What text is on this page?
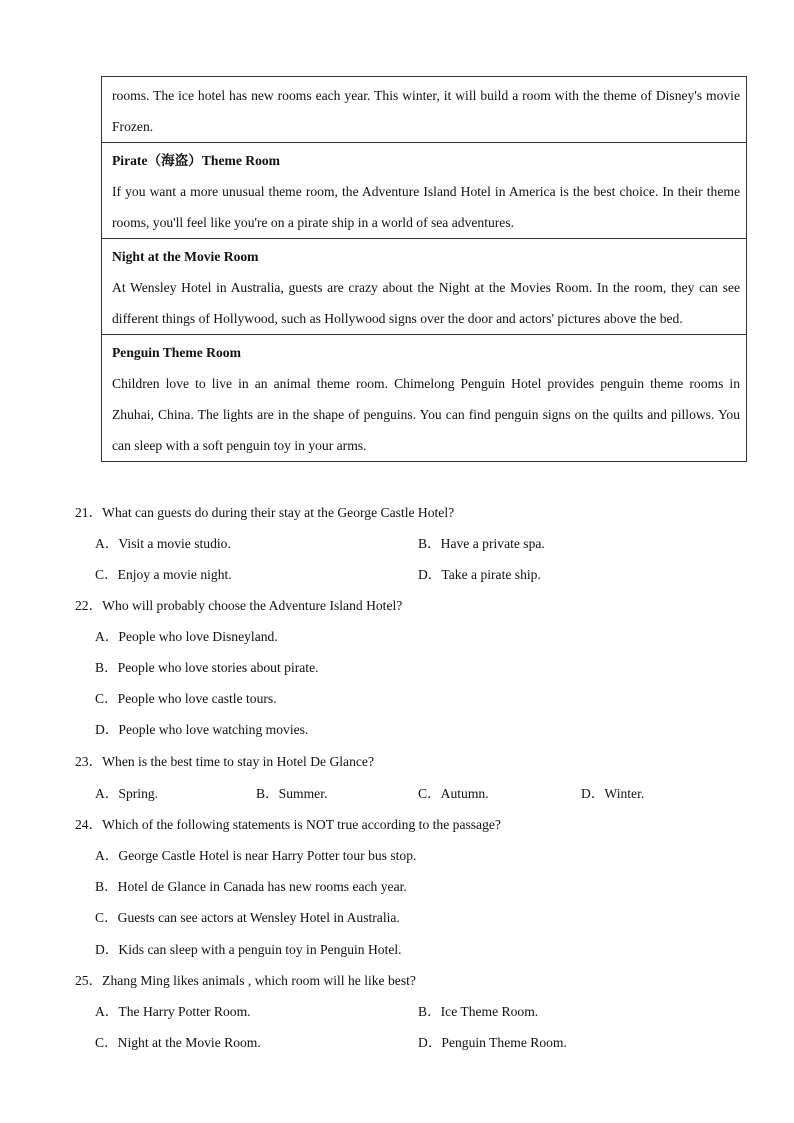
rooms. The ice hotel has new rooms each year. This winter, it will build a room with the theme of Disney's movie Frozen.
Pirate（海盗）Theme Room
If you want a more unusual theme room, the Adventure Island Hotel in America is the best choice. In their theme rooms, you'll feel like you're on a pirate ship in a world of sea adventures.
Night at the Movie Room
At Wensley Hotel in Australia, guests are crazy about the Night at the Movies Room. In the room, they can see different things of Hollywood, such as Hollywood signs over the door and actors' pictures above the bed.
Penguin Theme Room
Children love to live in an animal theme room. Chimelong Penguin Hotel provides penguin theme rooms in Zhuhai, China. The lights are in the shape of penguins. You can find penguin signs on the quilts and pillows. You can sleep with a soft penguin toy in your arms.
21．What can guests do during their stay at the George Castle Hotel?
A．Visit a movie studio.	B．Have a private spa.
C．Enjoy a movie night.	D．Take a pirate ship.
22．Who will probably choose the Adventure Island Hotel?
A．People who love Disneyland.
B．People who love stories about pirate.
C．People who love castle tours.
D．People who love watching movies.
23．When is the best time to stay in Hotel De Glance?
A．Spring.	B．Summer.	C．Autumn.	D．Winter.
24．Which of the following statements is NOT true according to the passage?
A．George Castle Hotel is near Harry Potter tour bus stop.
B．Hotel de Glance in Canada has new rooms each year.
C．Guests can see actors at Wensley Hotel in Australia.
D．Kids can sleep with a penguin toy in Penguin Hotel.
25．Zhang Ming likes animals , which room will he like best?
A．The Harry Potter Room.	B．Ice Theme Room.
C．Night at the Movie Room.	D．Penguin Theme Room.
